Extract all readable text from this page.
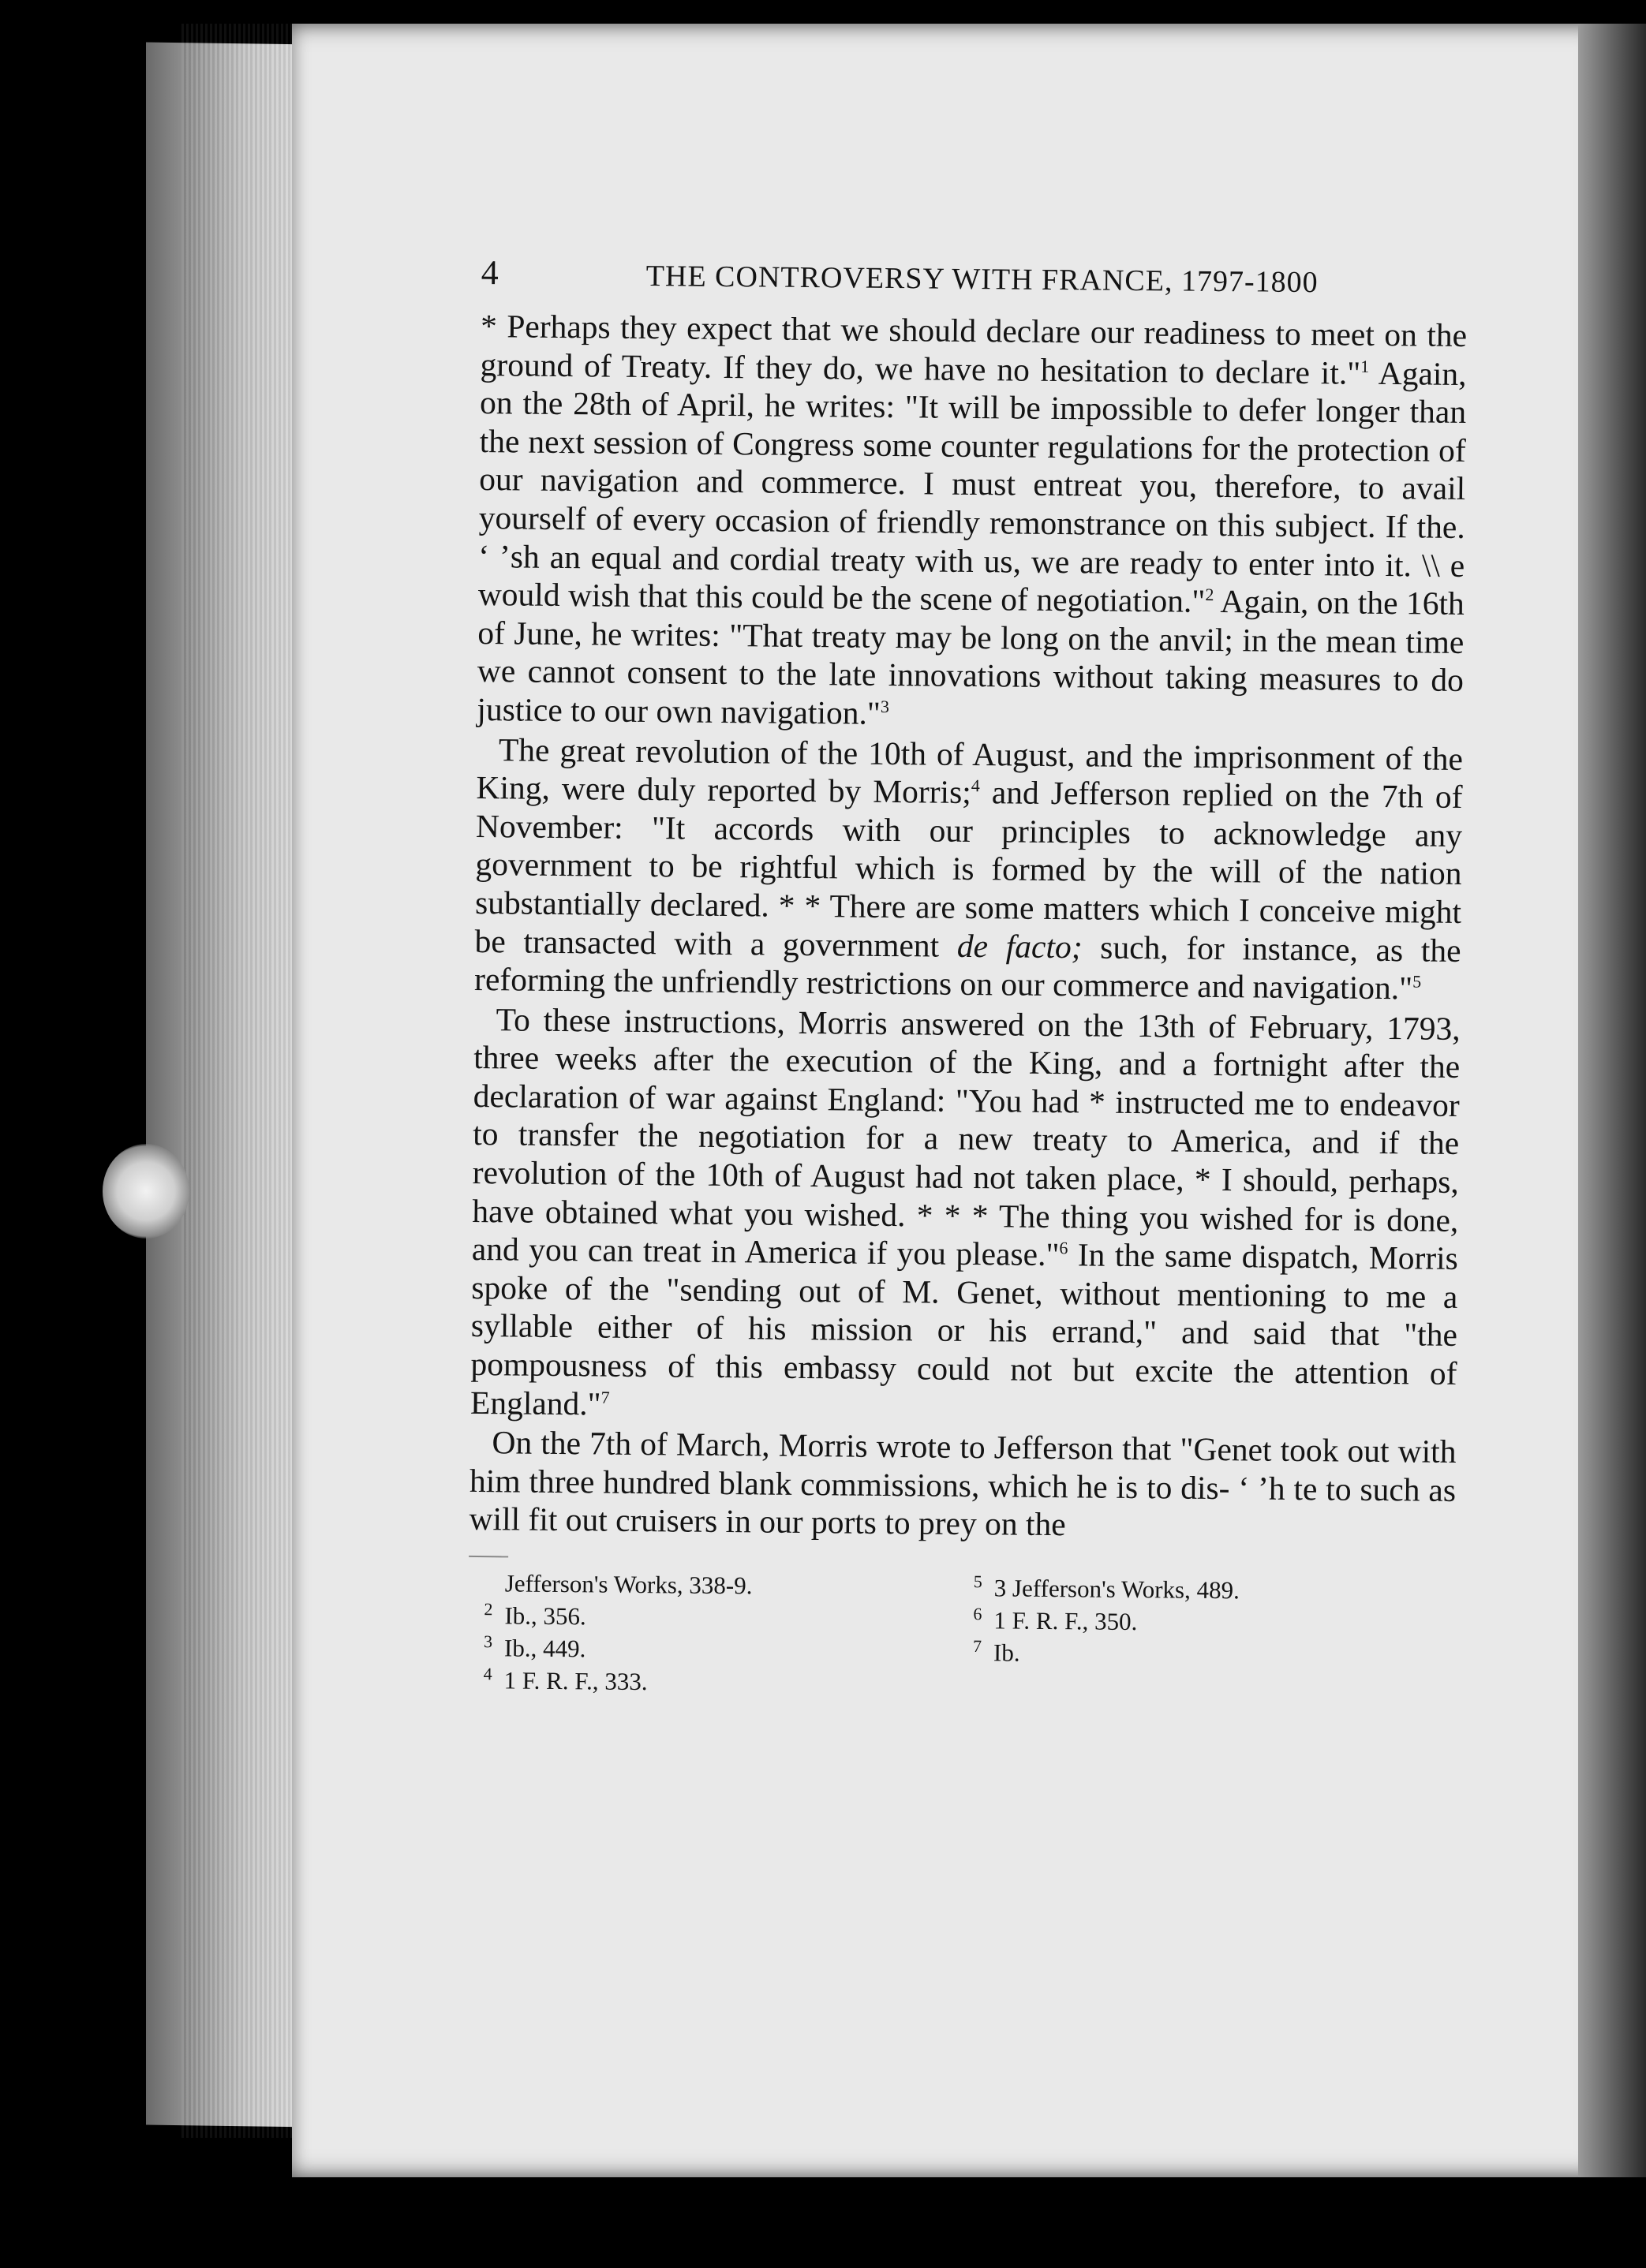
4	THE CONTROVERSY WITH FRANCE, 1797-1800

* Perhaps they expect that we should declare our readiness to meet on the ground of Treaty. If they do, we have no hesitation to declare it."$^1$ Again, on the 28th of April, he writes: "It will be impossible to defer longer than the next session of Congress some counter regulations for the protection of our navigation and commerce. I must entreat you, therefore, to avail yourself of every occasion of friendly remonstrance on this subject. If the. ʻ ʼsh an equal and cordial treaty with us, we are ready to enter into it. \\ e would wish that this could be the scene of negotiation."$^2$ Again, on the 16th of June, he writes: "That treaty may be long on the anvil; in the mean time we cannot consent to the late innovations without taking measures to do justice to our own navigation."$^3$

The great revolution of the 10th of August, and the imprisonment of the King, were duly reported by Morris;$^4$ and Jefferson replied on the 7th of November: "It accords with our principles to acknowledge any government to be rightful which is formed by the will of the nation substantially declared. * * There are some matters which I conceive might be transacted with a government de facto; such, for instance, as the reforming the unfriendly restrictions on our commerce and navigation."$^5$

To these instructions, Morris answered on the 13th of February, 1793, three weeks after the execution of the King, and a fortnight after the declaration of war against England: "You had * instructed me to endeavor to transfer the negotiation for a new treaty to America, and if the revolution of the 10th of August had not taken place, * I should, perhaps, have obtained what you wished. * * * The thing you wished for is done, and you can treat in America if you please."$^6$ In the same dispatch, Morris spoke of the "sending out of M. Genet, without mentioning to me a syllable either of his mission or his errand," and said that "the pompousness of this embassy could not but excite the attention of England."$^7$

On the 7th of March, Morris wrote to Jefferson that "Genet took out with him three hundred blank commissions, which he is to dis- ʻ ʼh te to such as will fit out cruisers in our ports to prey on the

Jefferson's Works, 338-9.	5 3 Jefferson's Works, 489.
2 Ib., 356.	6 1 F. R. F., 350.
3 Ib., 449.	7 Ib.
4 1 F. R. F., 333.
